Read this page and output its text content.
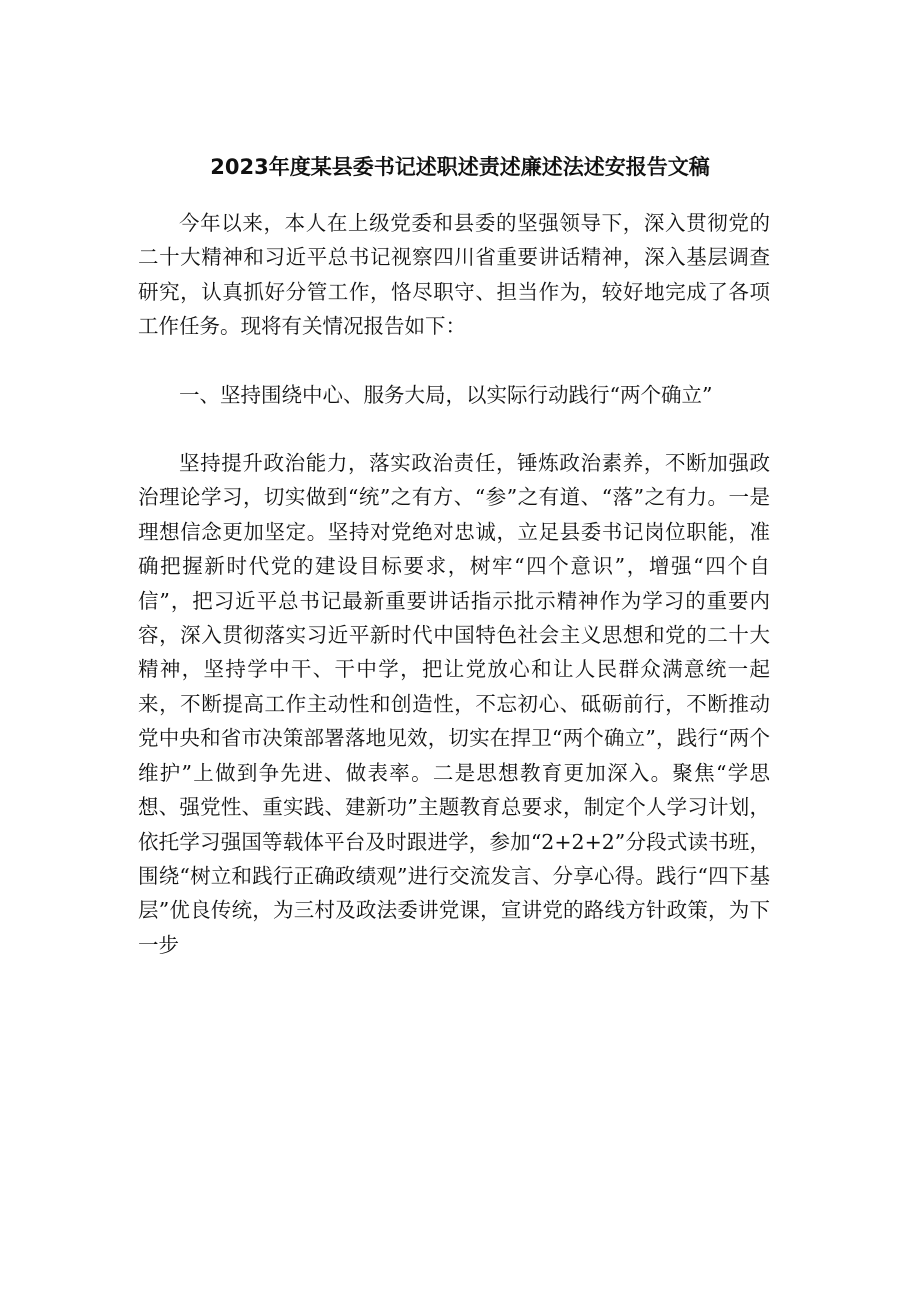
2023年度某县委书记述职述责述廉述法述安报告文稿

今年以来，本人在上级党委和县委的坚强领导下，深入贯彻党的二十大精神和习近平总书记视察四川省重要讲话精神，深入基层调查研究，认真抓好分管工作，恪尽职守、担当作为，较好地完成了各项工作任务。现将有关情况报告如下：

一、坚持围绕中心、服务大局，以实际行动践行“两个确立”

坚持提升政治能力，落实政治责任，锤炼政治素养，不断加强政治理论学习，切实做到“统”之有方、“参”之有道、“落”之有力。一是理想信念更加坚定。坚持对党绝对忠诚，立足县委书记岗位职能，准确把握新时代党的建设目标要求，树牢“四个意识”，增强“四个自信”，把习近平总书记最新重要讲话指示批示精神作为学习的重要内容，深入贯彻落实习近平新时代中国特色社会主义思想和党的二十大精神，坚持学中干、干中学，把让党放心和让人民群众满意统一起来，不断提高工作主动性和创造性，不忘初心、砥砺前行，不断推动党中央和省市决策部署落地见效，切实在捍卫“两个确立”，践行“两个维护”上做到争先进、做表率。二是思想教育更加深入。聚焦“学思想、强党性、重实践、建新功”主题教育总要求，制定个人学习计划，依托学习强国等载体平台及时跟进学，参加“2+2+2”分段式读书班，围绕“树立和践行正确政绩观”进行交流发言、分享心得。践行“四下基层”优良传统，为三村及政法委讲党课，宣讲党的路线方针政策，为下一步
